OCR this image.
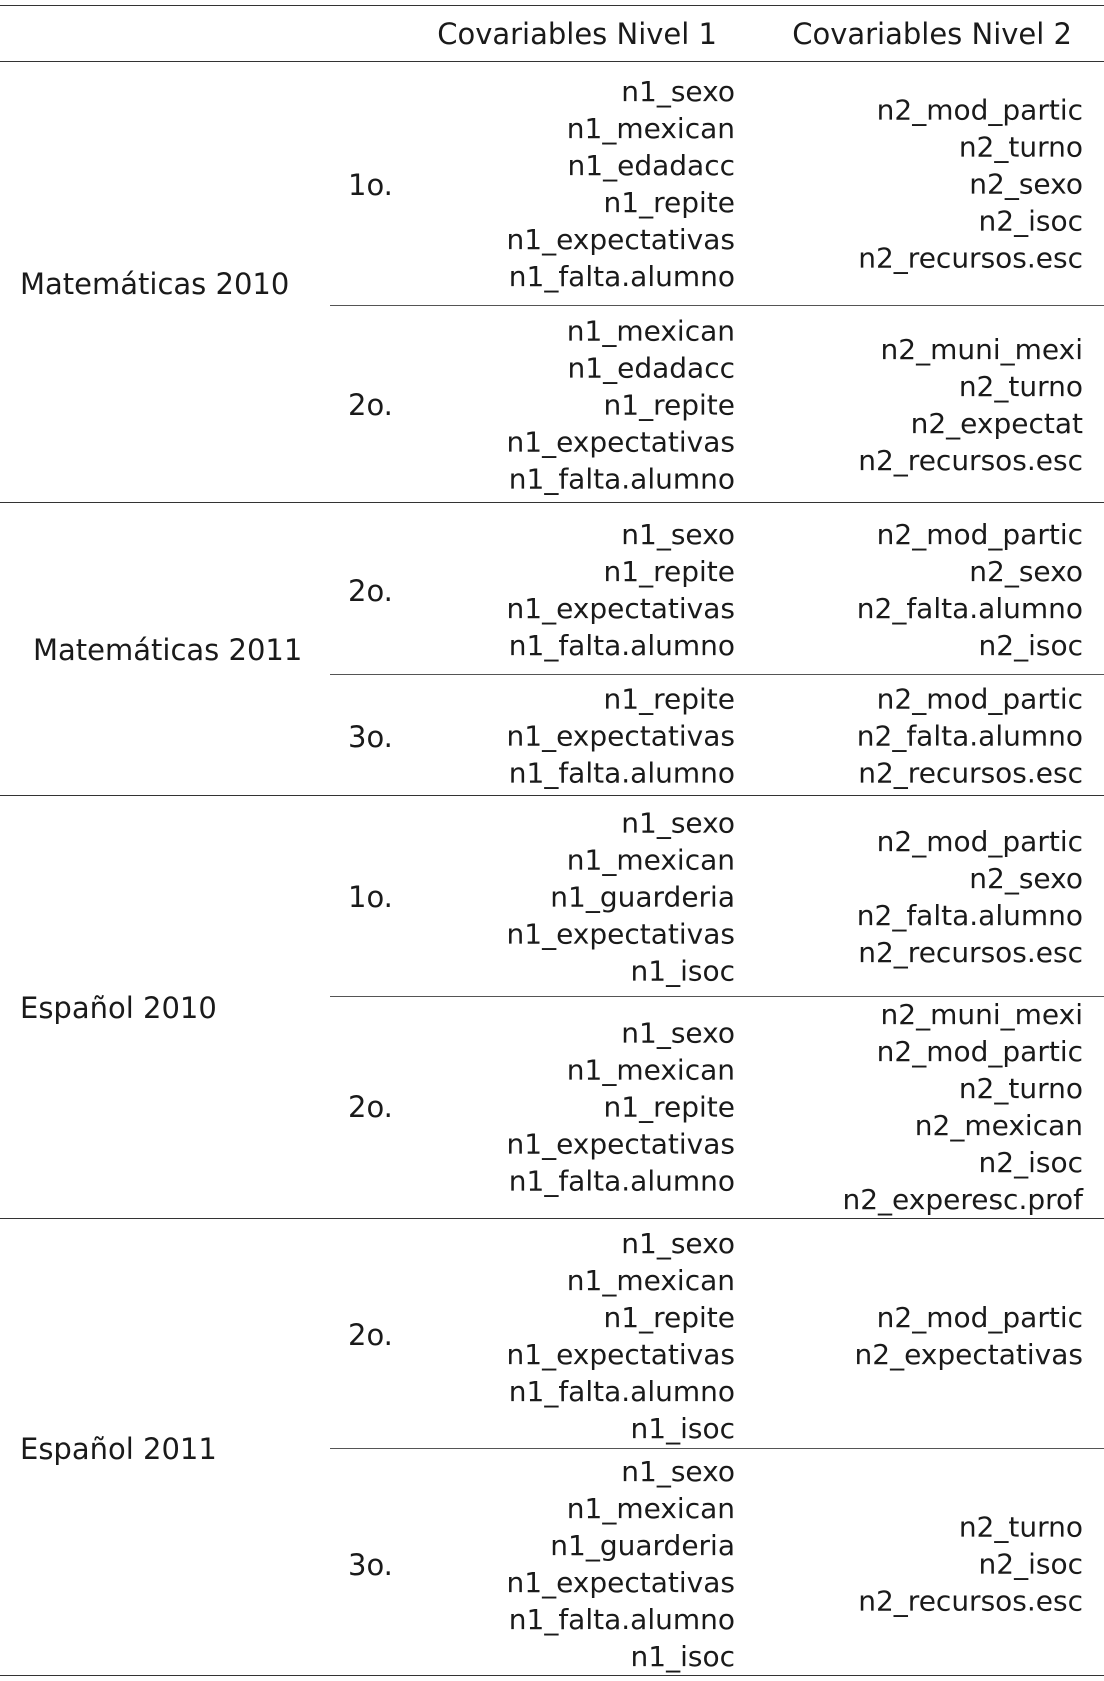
Covariables Nivel 1	Covariables Nivel 2
Matemáticas 2010
1o.
n1_sexo
n1_mexican
n1_edadacc
n1_repite
n1_expectativas
n1_falta.alumno
n2_mod_partic
n2_turno
n2_sexo
n2_isoc
n2_recursos.esc
2o.
n1_mexican
n1_edadacc
n1_repite
n1_expectativas
n1_falta.alumno
n2_muni_mexi
n2_turno
n2_expectat
n2_recursos.esc
Matemáticas 2011
2o.
n1_sexo
n1_repite
n1_expectativas
n1_falta.alumno
n2_mod_partic
n2_sexo
n2_falta.alumno
n2_isoc
3o.
n1_repite
n1_expectativas
n1_falta.alumno
n2_mod_partic
n2_falta.alumno
n2_recursos.esc
Español 2010
1o.
n1_sexo
n1_mexican
n1_guarderia
n1_expectativas
n1_isoc
n2_mod_partic
n2_sexo
n2_falta.alumno
n2_recursos.esc
2o.
n1_sexo
n1_mexican
n1_repite
n1_expectativas
n1_falta.alumno
n2_muni_mexi
n2_mod_partic
n2_turno
n2_mexican
n2_isoc
n2_experesc.prof
Español 2011
2o.
n1_sexo
n1_mexican
n1_repite
n1_expectativas
n1_falta.alumno
n1_isoc
n2_mod_partic
n2_expectativas
3o.
n1_sexo
n1_mexican
n1_guarderia
n1_expectativas
n1_falta.alumno
n1_isoc
n2_turno
n2_isoc
n2_recursos.esc
